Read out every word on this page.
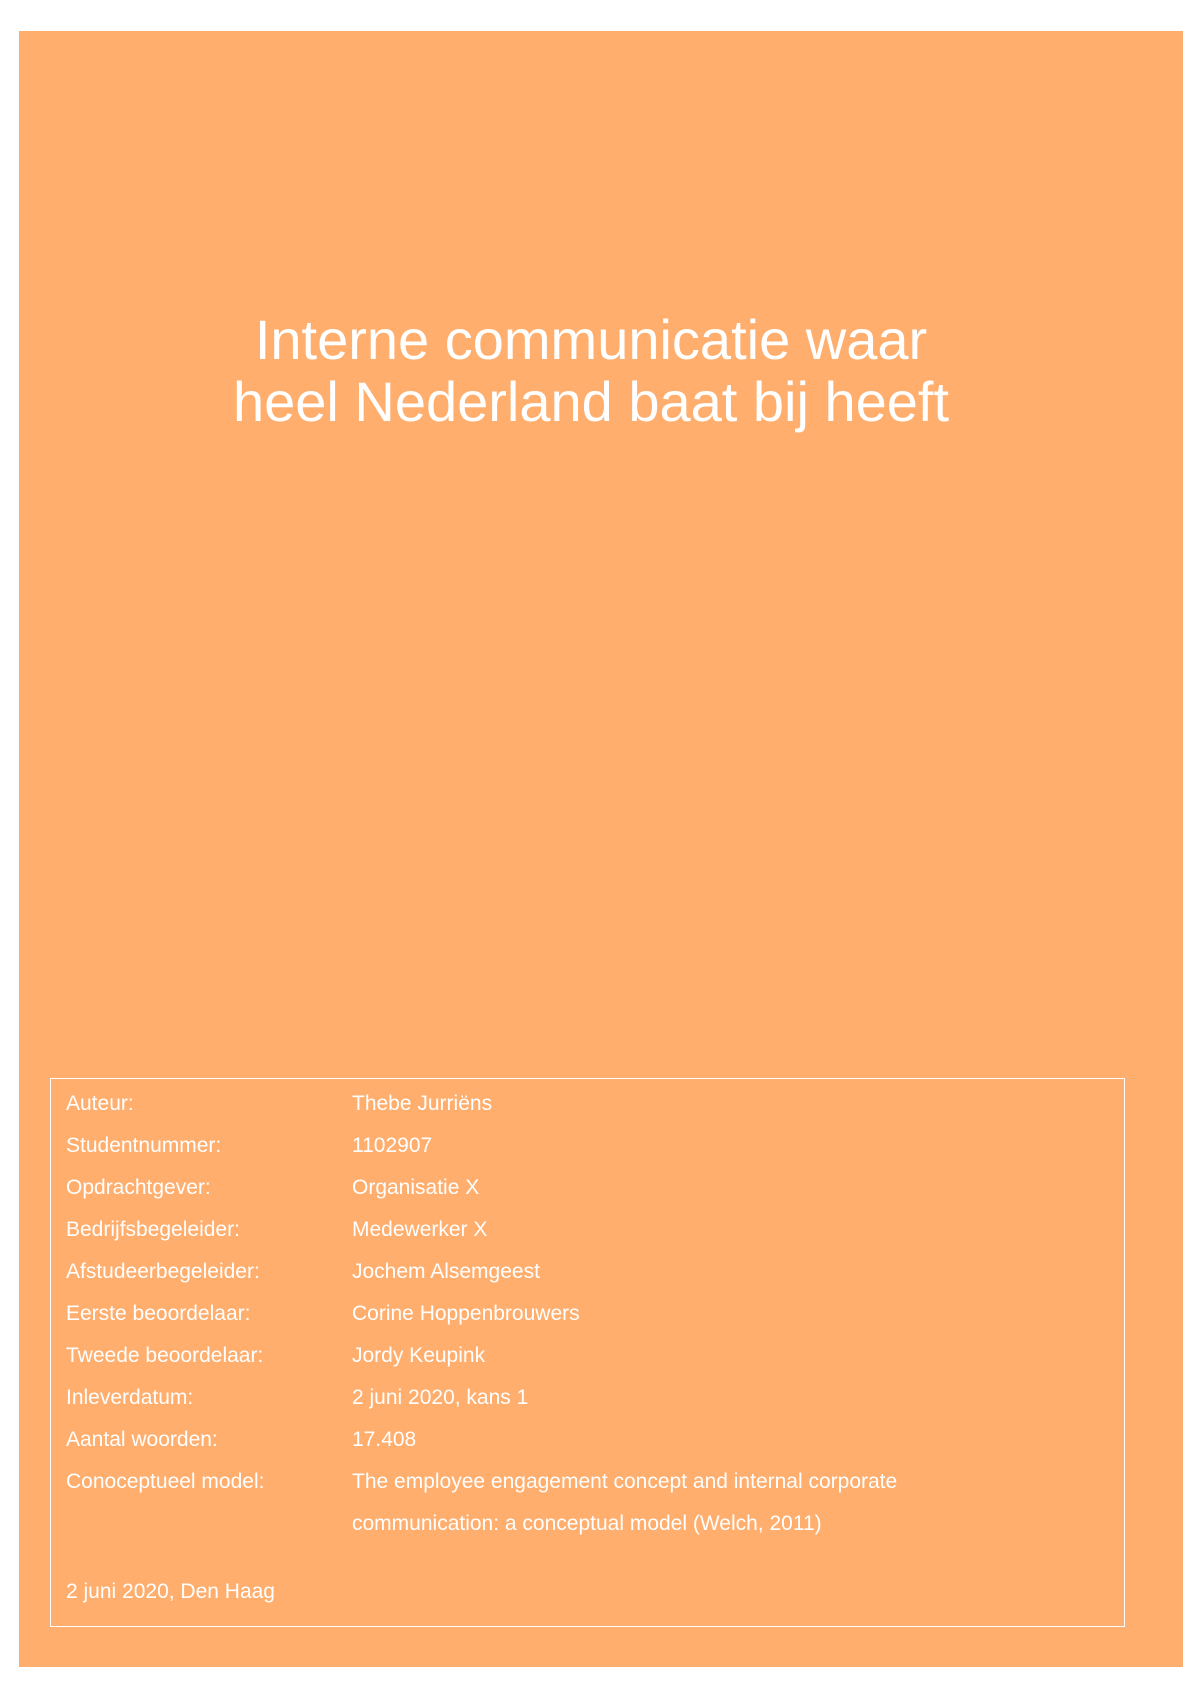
Interne communicatie waar
heel Nederland baat bij heeft
Auteur:	Thebe Jurriëns
Studentnummer:	1102907
Opdrachtgever:	Organisatie X
Bedrijfsbegeleider:	Medewerker X
Afstudeerbegeleider:	Jochem Alsemgeest
Eerste beoordelaar:	Corine Hoppenbrouwers
Tweede beoordelaar:	Jordy Keupink
Inleverdatum:	2 juni 2020, kans 1
Aantal woorden:	17.408
Conoceptueel model:	The employee engagement concept and internal corporate communication: a conceptual model (Welch, 2011)
2 juni 2020, Den Haag
